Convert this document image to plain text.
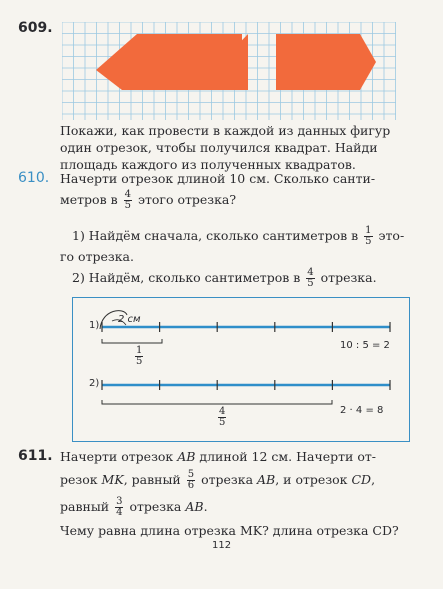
609.
Покажи, как провести в каждой из данных фигур
один отрезок, чтобы получился квадрат. Найди
площадь каждого из полученных квадратов.
610. Начерти отрезок длиной 10 см. Сколько санти-
метров в $\frac{4}{5}$ этого отрезка?
1) Найдём сначала, сколько сантиметров в $\frac{1}{5} это-$
го отрезка.
2) Найдём, сколько сантиметров в $\frac{4}{5}$ отрезка.
1)
2)
2 см
$\frac{1}{5}$
$\frac{4}{5}$
10 : 5 = 2
2 · 4 = 8
611. Начерти отрезок AB длиной 12 см. Начерти от-
резок MK, равный $\frac{5}{6}$ отрезка AB, и отрезок CD,
равный $\frac{3}{4}$ отрезка AB.
Чему равна длина отрезка MK? длина отрезка CD?
112
